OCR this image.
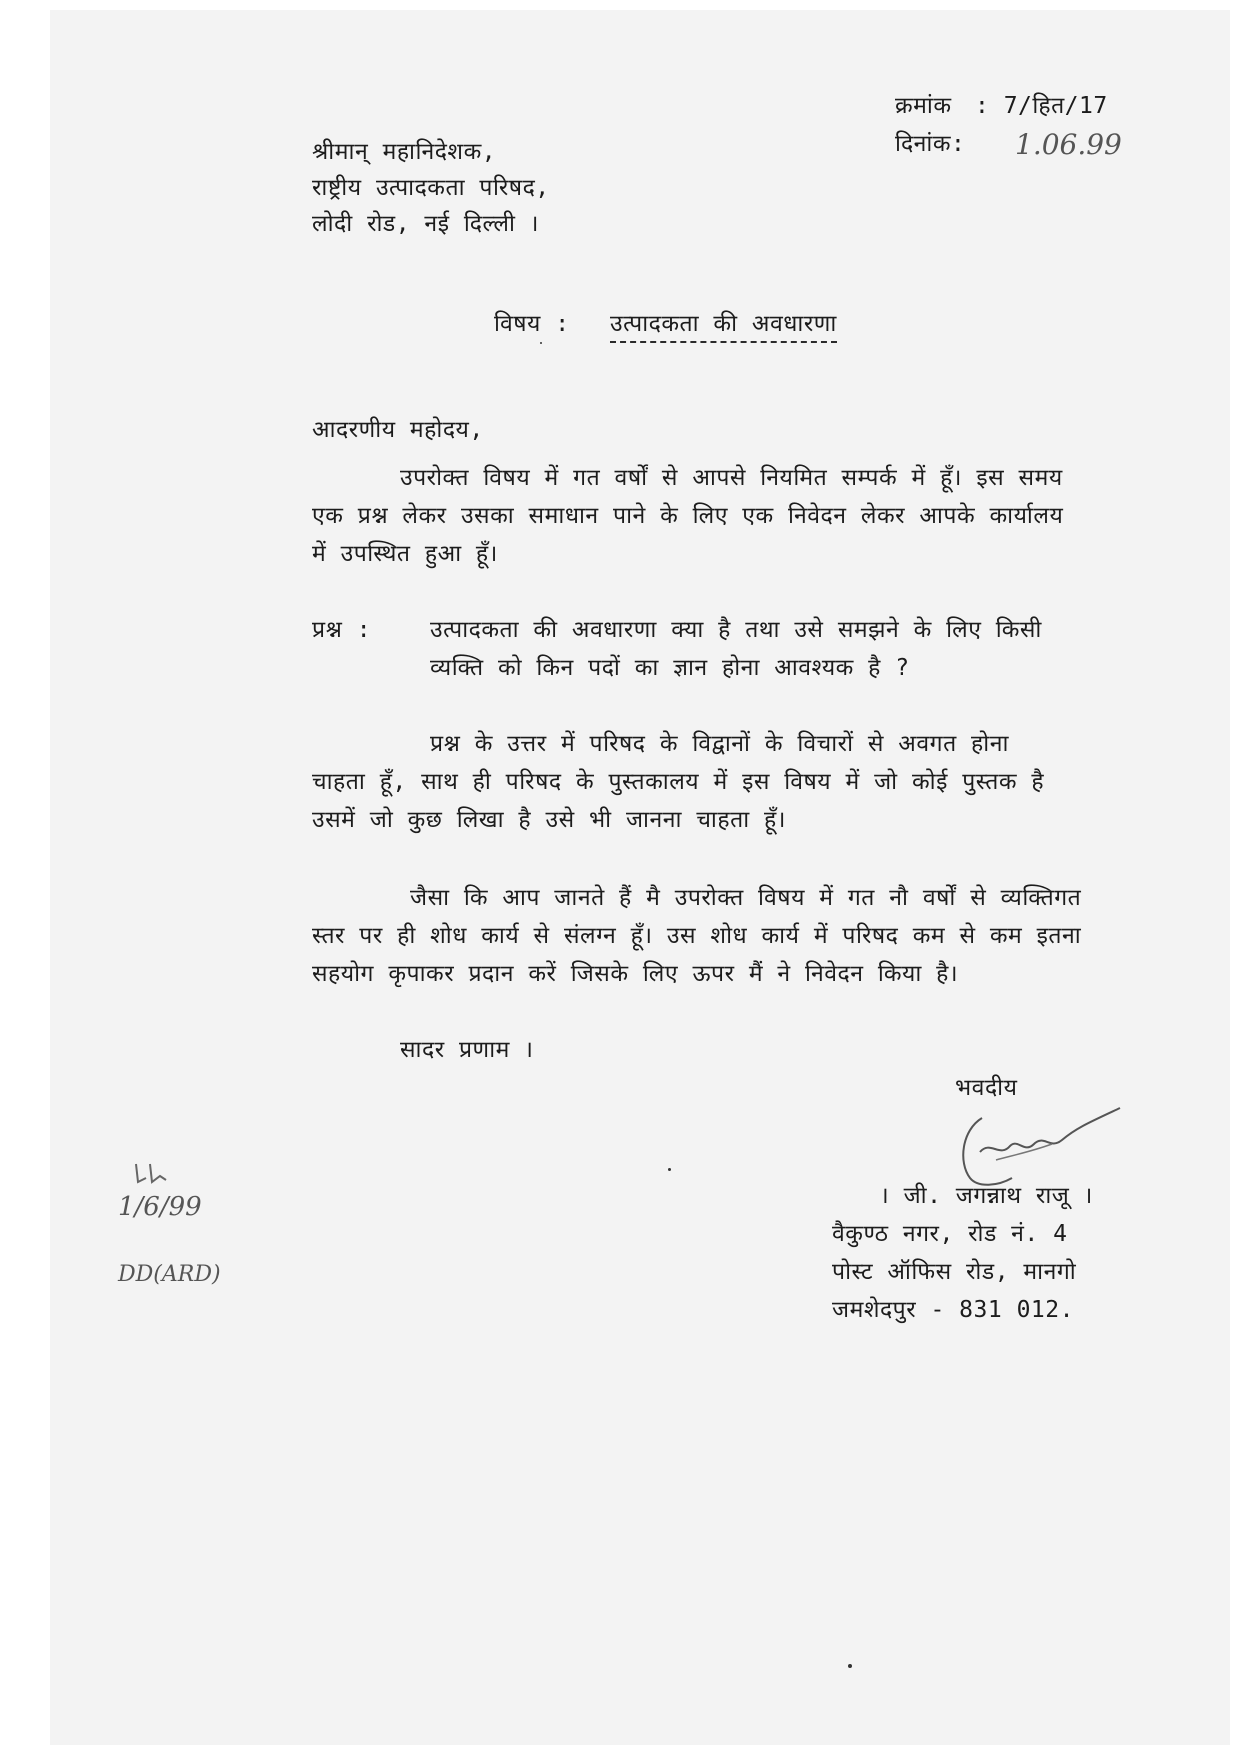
क्रमांक : 7/हित/17
दिनांक: 1.06.99
श्रीमान् महानिदेशक,
राष्ट्रीय उत्पादकता परिषद,
लोदी रोड, नई दिल्ली ।
विषय : उत्पादकता की अवधारणा
आदरणीय महोदय,
उपरोक्त विषय में गत वर्षों से आपसे नियमित सम्पर्क में हूँ। इस समय
एक प्रश्न लेकर उसका समाधान पाने के लिए एक निवेदन लेकर आपके कार्यालय
में उपस्थित हुआ हूँ।
प्रश्न :	उत्पादकता की अवधारणा क्या है तथा उसे समझने के लिए किसी
व्यक्ति को किन पदों का ज्ञान होना आवश्यक है ?
प्रश्न के उत्तर में परिषद के विद्वानों के विचारों से अवगत होना
चाहता हूँ, साथ ही परिषद के पुस्तकालय में इस विषय में जो कोई पुस्तक है
उसमें जो कुछ लिखा है उसे भी जानना चाहता हूँ।
जैसा कि आप जानते हैं मै उपरोक्त विषय में गत नौ वर्षों से व्यक्तिगत
स्तर पर ही शोध कार्य से संलग्न हूँ। उस शोध कार्य में परिषद कम से कम इतना
सहयोग कृपाकर प्रदान करें जिसके लिए ऊपर मैं ने निवेदन किया है।
सादर प्रणाम ।
भवदीय
। जी. जगन्नाथ राजू ।
वैकुण्ठ नगर, रोड नं. 4
पोस्ट ऑफिस रोड, मानगो
जमशेदपुर - 831 012.
1/6/99
DD(ARD)
